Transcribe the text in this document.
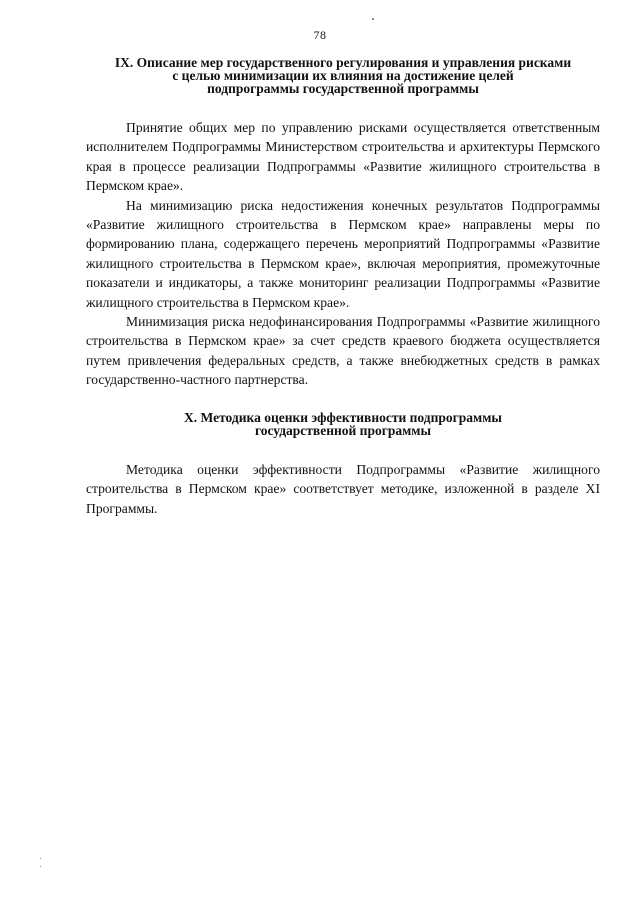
78
IX. Описание мер государственного регулирования и управления рисками
с целью минимизации их влияния на достижение целей
подпрограммы государственной программы

Принятие общих мер по управлению рисками осуществляется ответственным исполнителем Подпрограммы Министерством строительства и архитектуры Пермского края в процессе реализации Подпрограммы «Развитие жилищного строительства в Пермском крае».

На минимизацию риска недостижения конечных результатов Подпрограммы «Развитие жилищного строительства в Пермском крае» направлены меры по формированию плана, содержащего перечень мероприятий Подпрограммы «Развитие жилищного строительства в Пермском крае», включая мероприятия, промежуточные показатели и индикаторы, а также мониторинг реализации Подпрограммы «Развитие жилищного строительства в Пермском крае».

Минимизация риска недофинансирования Подпрограммы «Развитие жилищного строительства в Пермском крае» за счет средств краевого бюджета осуществляется путем привлечения федеральных средств, а также внебюджетных средств в рамках государственно-частного партнерства.

X. Методика оценки эффективности подпрограммы
государственной программы

Методика оценки эффективности Подпрограммы «Развитие жилищного строительства в Пермском крае» соответствует методике, изложенной в разделе XI Программы.
